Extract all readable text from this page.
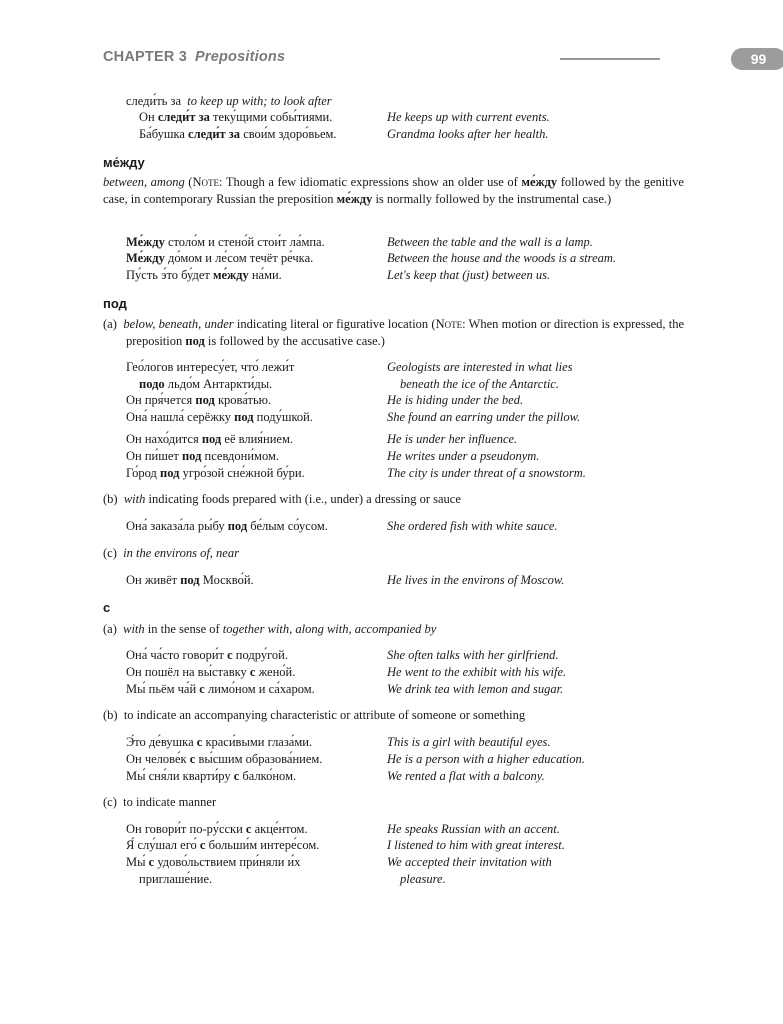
CHAPTER 3 Prepositions	99
следи́ть за to keep up with; to look after
Он следи́т за теку́щими собы́тиями.	He keeps up with current events.
Ба́бушка следи́т за свои́м здоро́вьем.	Grandma looks after her health.
ме́жду
between, among (Note: Though a few idiomatic expressions show an older use of ме́жду followed by the genitive case, in contemporary Russian the preposition ме́жду is normally followed by the instrumental case.)
Ме́жду столо́м и стено́й стои́т ла́мпа.	Between the table and the wall is a lamp.
Ме́жду до́мом и ле́сом течёт ре́чка.	Between the house and the woods is a stream.
Пу́сть э́то бу́дет ме́жду на́ми.	Let's keep that (just) between us.
под
(a) below, beneath, under indicating literal or figurative location (Note: When motion or direction is expressed, the preposition под is followed by the accusative case.)
Гео́логов интересу́ет, что́ лежи́т	Geologists are interested in what lies
подо льдо́м Антаркти́ды.	beneath the ice of the Antarctic.
Он пря́чется под крова́тью.	He is hiding under the bed.
Она́ нашла́ серёжку под поду́шкой.	She found an earring under the pillow.
Он нахо́дится под её влия́нием.	He is under her influence.
Он пи́шет под псевдони́мом.	He writes under a pseudonym.
Го́род под угро́зой сне́жной бу́ри.	The city is under threat of a snowstorm.
(b) with indicating foods prepared with (i.e., under) a dressing or sauce
Она́ заказа́ла ры́бу под бе́лым со́усом.	She ordered fish with white sauce.
(c) in the environs of, near
Он живёт под Москво́й.	He lives in the environs of Moscow.
с
(a) with in the sense of together with, along with, accompanied by
Она́ ча́сто говори́т с подру́гой.	She often talks with her girlfriend.
Он пошёл на вы́ставку с жено́й.	He went to the exhibit with his wife.
Мы́ пьём ча́й с лимо́ном и са́харом.	We drink tea with lemon and sugar.
(b) to indicate an accompanying characteristic or attribute of someone or something
Э́то де́вушка с краси́выми глаза́ми.	This is a girl with beautiful eyes.
Он челове́к с вы́сшим образова́нием.	He is a person with a higher education.
Мы́ сня́ли кварти́ру с балко́ном.	We rented a flat with a balcony.
(c) to indicate manner
Он говори́т по-ру́сски с акце́нтом.	He speaks Russian with an accent.
Я́ слу́шал его́ с больши́м интере́сом.	I listened to him with great interest.
Мы́ с удово́льствием при́няли и́х	We accepted their invitation with
приглаше́ние.	pleasure.
